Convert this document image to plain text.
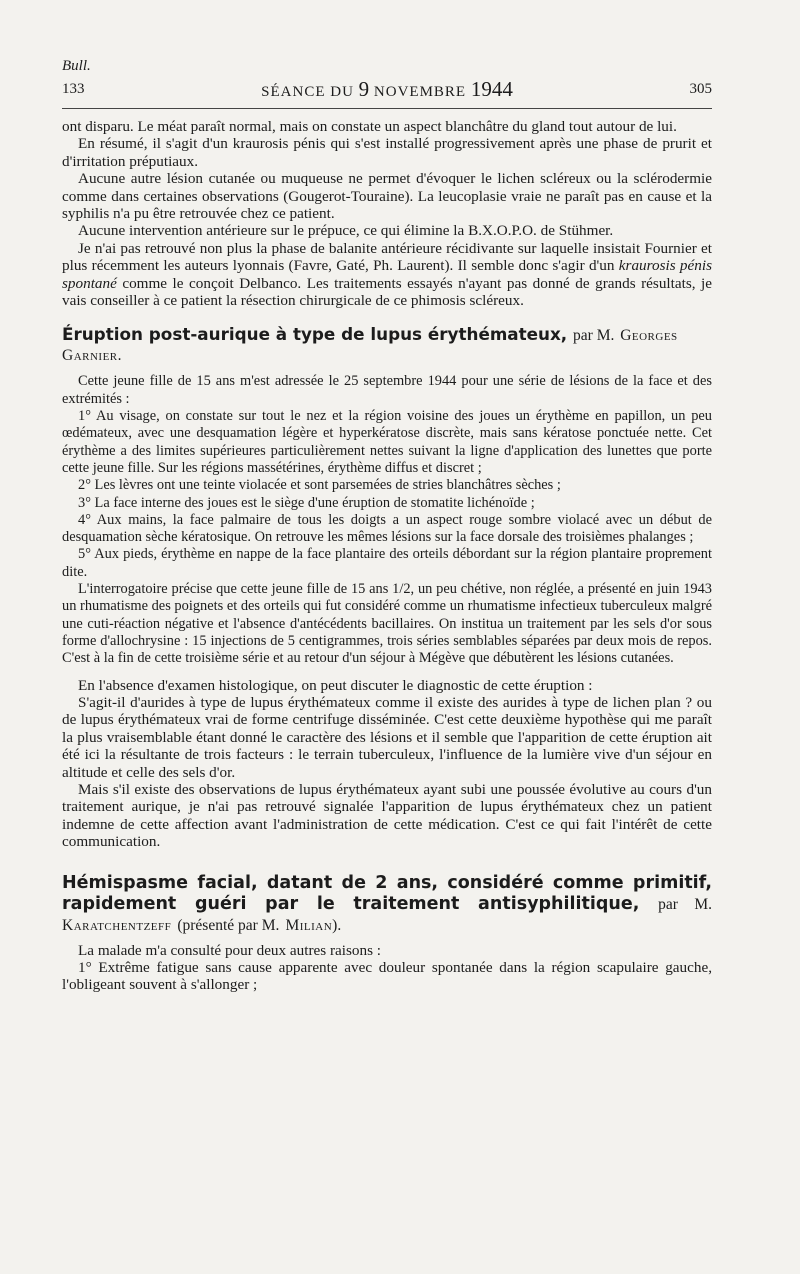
Bull.
133	SÉANCE DU 9 NOVEMBRE 1944	305

ont disparu. Le méat paraît normal, mais on constate un aspect blanchâtre du gland tout autour de lui.

En résumé, il s'agit d'un kraurosis pénis qui s'est installé progressivement après une phase de prurit et d'irritation préputiaux.

Aucune autre lésion cutanée ou muqueuse ne permet d'évoquer le lichen scléreux ou la sclérodermie comme dans certaines observations (Gougerot-Touraine). La leucoplasie vraie ne paraît pas en cause et la syphilis n'a pu être retrouvée chez ce patient.

Aucune intervention antérieure sur le prépuce, ce qui élimine la B.X.O.P.O. de Stühmer.

Je n'ai pas retrouvé non plus la phase de balanite antérieure récidivante sur laquelle insistait Fournier et plus récemment les auteurs lyonnais (Favre, Gaté, Ph. Laurent). Il semble donc s'agir d'un kraurosis pénis spontané comme le conçoit Delbanco. Les traitements essayés n'ayant pas donné de grands résultats, je vais conseiller à ce patient la résection chirurgicale de ce phimosis scléreux.

Éruption post-aurique à type de lupus érythémateux, par M. Georges Garnier.

Cette jeune fille de 15 ans m'est adressée le 25 septembre 1944 pour une série de lésions de la face et des extrémités :

1° Au visage, on constate sur tout le nez et la région voisine des joues un érythème en papillon, un peu œdémateux, avec une desquamation légère et hyperkératose discrète, mais sans kératose ponctuée nette. Cet érythème a des limites supérieures particulièrement nettes suivant la ligne d'application des lunettes que porte cette jeune fille. Sur les régions massétérines, érythème diffus et discret ;

2° Les lèvres ont une teinte violacée et sont parsemées de stries blanchâtres sèches ;

3° La face interne des joues est le siège d'une éruption de stomatite lichénoïde ;

4° Aux mains, la face palmaire de tous les doigts a un aspect rouge sombre violacé avec un début de desquamation sèche kératosique. On retrouve les mêmes lésions sur la face dorsale des troisièmes phalanges ;

5° Aux pieds, érythème en nappe de la face plantaire des orteils débordant sur la région plantaire proprement dite.

L'interrogatoire précise que cette jeune fille de 15 ans 1/2, un peu chétive, non réglée, a présenté en juin 1943 un rhumatisme des poignets et des orteils qui fut considéré comme un rhumatisme infectieux tuberculeux malgré une cuti-réaction négative et l'absence d'antécédents bacillaires. On institua un traitement par les sels d'or sous forme d'allochrysine : 15 injections de 5 centigrammes, trois séries semblables séparées par deux mois de repos. C'est à la fin de cette troisième série et au retour d'un séjour à Mégève que débutèrent les lésions cutanées.

En l'absence d'examen histologique, on peut discuter le diagnostic de cette éruption :

S'agit-il d'aurides à type de lupus érythémateux comme il existe des aurides à type de lichen plan ? ou de lupus érythémateux vrai de forme centrifuge disséminée. C'est cette deuxième hypothèse qui me paraît la plus vraisemblable étant donné le caractère des lésions et il semble que l'apparition de cette éruption ait été ici la résultante de trois facteurs : le terrain tuberculeux, l'influence de la lumière vive d'un séjour en altitude et celle des sels d'or.

Mais s'il existe des observations de lupus érythémateux ayant subi une poussée évolutive au cours d'un traitement aurique, je n'ai pas retrouvé signalée l'apparition de lupus érythémateux chez un patient indemne de cette affection avant l'administration de cette médication. C'est ce qui fait l'intérêt de cette communication.

Hémispasme facial, datant de 2 ans, considéré comme primitif, rapidement guéri par le traitement antisyphilitique, par M. Karatchentzeff (présenté par M. Milian).

La malade m'a consulté pour deux autres raisons :

1° Extrême fatigue sans cause apparente avec douleur spontanée dans la région scapulaire gauche, l'obligeant souvent à s'allonger ;
